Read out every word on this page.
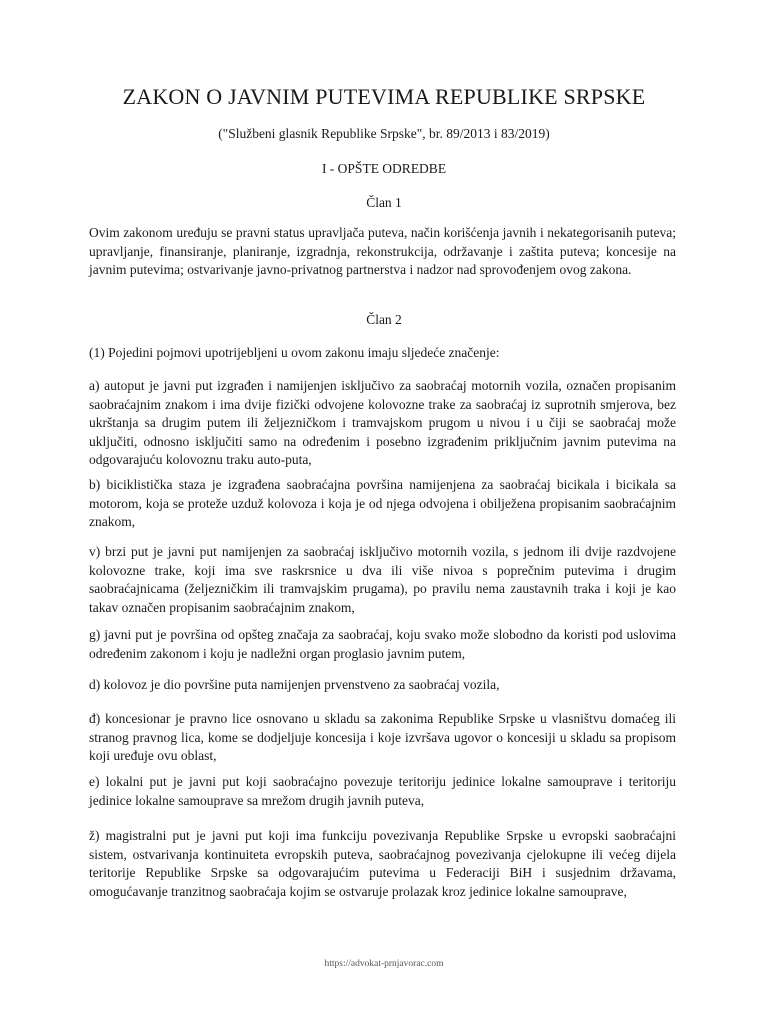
ZAKON O JAVNIM PUTEVIMA REPUBLIKE SRPSKE
("Službeni glasnik Republike Srpske", br. 89/2013 i 83/2019)
I - OPŠTE ODREDBE
Član 1

Ovim zakonom uređuju se pravni status upravljača puteva, način korišćenja javnih i nekategorisanih puteva; upravljanje, finansiranje, planiranje, izgradnja, rekonstrukcija, održavanje i zaštita puteva; koncesije na javnim putevima; ostvarivanje javno-privatnog partnerstva i nadzor nad sprovođenjem ovog zakona.

Član 2

(1) Pojedini pojmovi upotrijebljeni u ovom zakonu imaju sljedeće značenje:

a) autoput je javni put izgrađen i namijenjen isključivo za saobraćaj motornih vozila, označen propisanim saobraćajnim znakom i ima dvije fizički odvojene kolovozne trake za saobraćaj iz suprotnih smjerova, bez ukrštanja sa drugim putem ili željezničkom i tramvajskom prugom u nivou i u čiji se saobraćaj može uključiti, odnosno isključiti samo na određenim i posebno izgrađenim priključnim javnim putevima na odgovarajuću kolovoznu traku auto-puta,

b) biciklistička staza je izgrađena saobraćajna površina namijenjena za saobraćaj bicikala i bicikala sa motorom, koja se proteže uzduž kolovoza i koja je od njega odvojena i obilježena propisanim saobraćajnim znakom,

v) brzi put je javni put namijenjen za saobraćaj isključivo motornih vozila, s jednom ili dvije razdvojene kolovozne trake, koji ima sve raskrsnice u dva ili više nivoa s poprečnim putevima i drugim saobraćajnicama (željezničkim ili tramvajskim prugama), po pravilu nema zaustavnih traka i koji je kao takav označen propisanim saobraćajnim znakom,

g) javni put je površina od opšteg značaja za saobraćaj, koju svako može slobodno da koristi pod uslovima određenim zakonom i koju je nadležni organ proglasio javnim putem,

d) kolovoz je dio površine puta namijenjen prvenstveno za saobraćaj vozila,

đ) koncesionar je pravno lice osnovano u skladu sa zakonima Republike Srpske u vlasništvu domaćeg ili stranog pravnog lica, kome se dodjeljuje koncesija i koje izvršava ugovor o koncesiji u skladu sa propisom koji uređuje ovu oblast,

e) lokalni put je javni put koji saobraćajno povezuje teritoriju jedinice lokalne samouprave i teritoriju jedinice lokalne samouprave sa mrežom drugih javnih puteva,

ž) magistralni put je javni put koji ima funkciju povezivanja Republike Srpske u evropski saobraćajni sistem, ostvarivanja kontinuiteta evropskih puteva, saobraćajnog povezivanja cjelokupne ili većeg dijela teritorije Republike Srpske sa odgovarajućim putevima u Federaciji BiH i susjednim državama, omogućavanje tranzitnog saobraćaja kojim se ostvaruje prolazak kroz jedinice lokalne samouprave,

https://advokat-prnjavorac.com
